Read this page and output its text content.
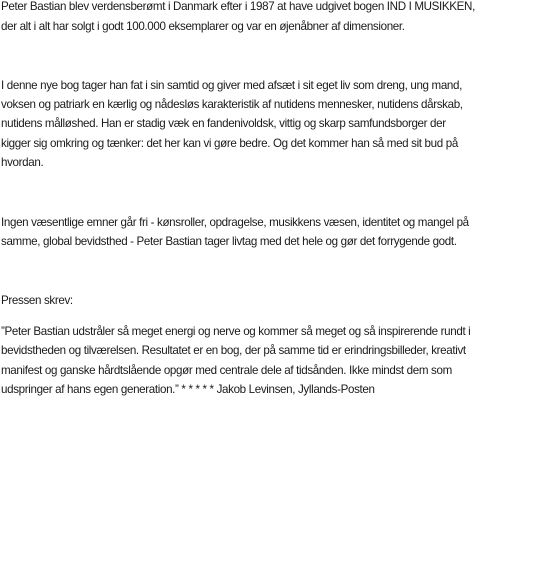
Peter Bastian blev verdensberømt i Danmark efter i 1987 at have udgivet bogen IND I MUSIKKEN,
der alt i alt har solgt i godt 100.000 eksemplarer og var en øjenåbner af dimensioner.
I denne nye bog tager han fat i sin samtid og giver med afsæt i sit eget liv som dreng, ung mand,
voksen og patriark en kærlig og nådesløs karakteristik af nutidens mennesker, nutidens dårskab,
nutidens målløshed. Han er stadig væk en fandenivoldsk, vittig og skarp samfundsborger der
kigger sig omkring og tænker: det her kan vi gøre bedre. Og det kommer han så med sit bud på
hvordan.
Ingen væsentlige emner går fri - kønsroller, opdragelse, musikkens væsen, identitet og mangel på
samme, global bevidsthed - Peter Bastian tager livtag med det hele og gør det forrygende godt.
Pressen skrev:
”Peter Bastian udstråler så meget energi og nerve og kommer så meget og så inspirerende rundt i
bevidstheden og tilværelsen. Resultatet er en bog, der på samme tid er erindringsbilleder, kreativt
manifest og ganske hårdtslående opgør med centrale dele af tidsånden. Ikke mindst dem som
udspringer af hans egen generation.” * * * * * Jakob Levinsen, Jyllands-Posten
